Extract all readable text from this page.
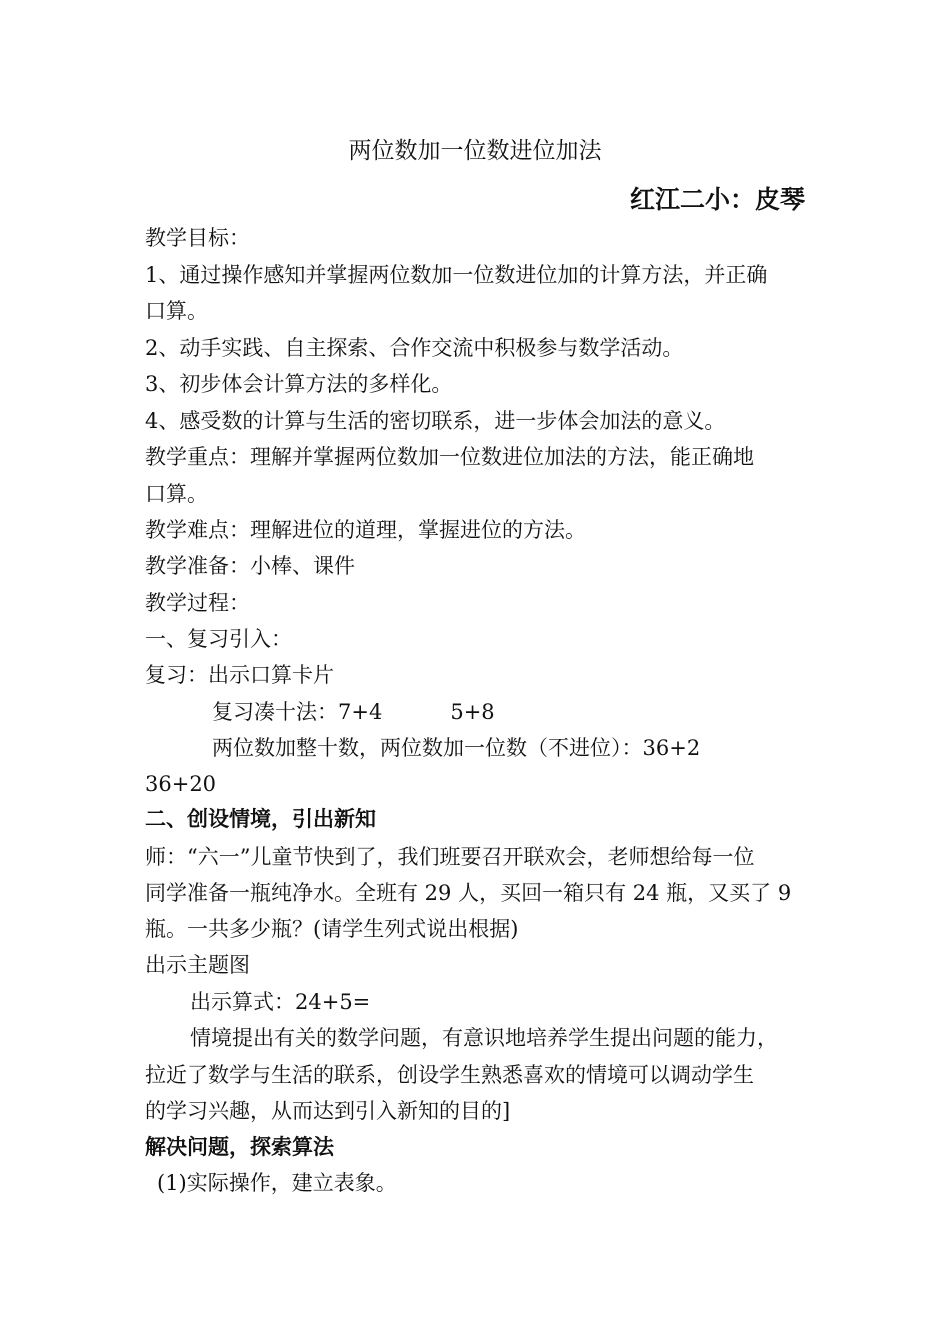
两位数加一位数进位加法
红江二小：皮琴
教学目标：
1、通过操作感知并掌握两位数加一位数进位加的计算方法，并正确
口算。
2、动手实践、自主探索、合作交流中积极参与数学活动。
3、初步体会计算方法的多样化。
4、感受数的计算与生活的密切联系，进一步体会加法的意义。
教学重点：理解并掌握两位数加一位数进位加法的方法，能正确地
口算。
教学难点：理解进位的道理，掌握进位的方法。
教学准备：小棒、课件
教学过程：
一、复习引入：
复习：出示口算卡片
复习凑十法：7+4	5+8
两位数加整十数，两位数加一位数（不进位）：36+2
36+20
二、创设情境，引出新知
师：“六一”儿童节快到了，我们班要召开联欢会，老师想给每一位
同学准备一瓶纯净水。全班有 29 人，买回一箱只有 24 瓶，又买了 9
瓶。一共多少瓶？(请学生列式说出根据)
出示主题图
出示算式：24+5=
情境提出有关的数学问题，有意识地培养学生提出问题的能力，
拉近了数学与生活的联系，创设学生熟悉喜欢的情境可以调动学生
的学习兴趣，从而达到引入新知的目的]
解决问题，探索算法
(1)实际操作，建立表象。
